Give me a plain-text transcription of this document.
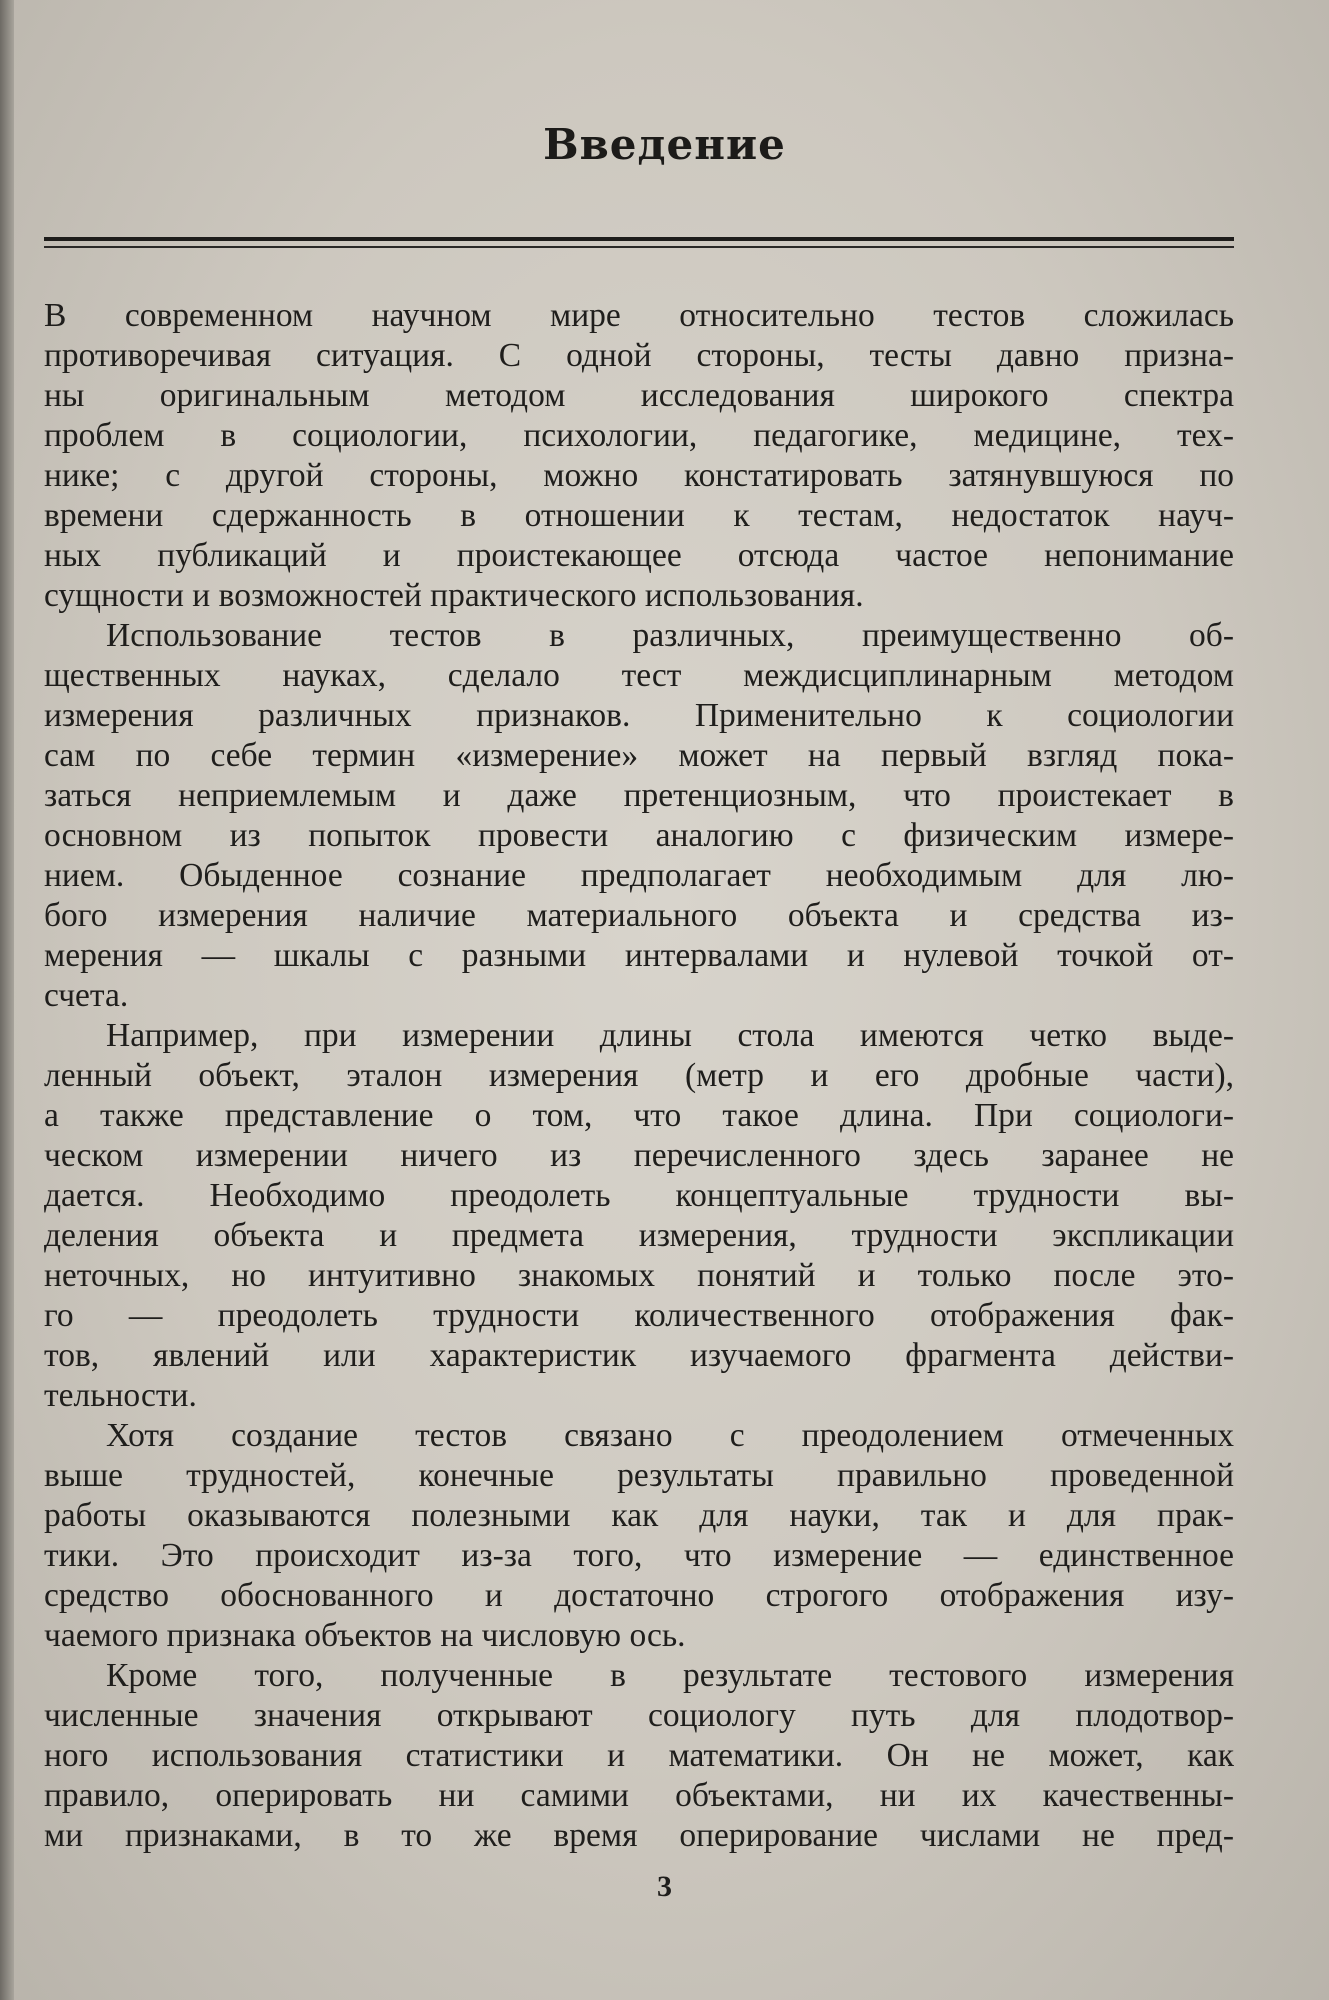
Введение
В современном научном мире относительно тестов сложилась
противоречивая ситуация. С одной стороны, тесты давно призна-
ны оригинальным методом исследования широкого спектра
проблем в социологии, психологии, педагогике, медицине, тех-
нике; с другой стороны, можно констатировать затянувшуюся по
времени сдержанность в отношении к тестам, недостаток науч-
ных публикаций и проистекающее отсюда частое непонимание
сущности и возможностей практического использования.
Использование тестов в различных, преимущественно об-
щественных науках, сделало тест междисциплинарным методом
измерения различных признаков. Применительно к социологии
сам по себе термин «измерение» может на первый взгляд пока-
заться неприемлемым и даже претенциозным, что проистекает в
основном из попыток провести аналогию с физическим измере-
нием. Обыденное сознание предполагает необходимым для лю-
бого измерения наличие материального объекта и средства из-
мерения — шкалы с разными интервалами и нулевой точкой от-
счета.
Например, при измерении длины стола имеются четко выде-
ленный объект, эталон измерения (метр и его дробные части),
а также представление о том, что такое длина. При социологи-
ческом измерении ничего из перечисленного здесь заранее не
дается. Необходимо преодолеть концептуальные трудности вы-
деления объекта и предмета измерения, трудности экспликации
неточных, но интуитивно знакомых понятий и только после это-
го — преодолеть трудности количественного отображения фак-
тов, явлений или характеристик изучаемого фрагмента действи-
тельности.
Хотя создание тестов связано с преодолением отмеченных
выше трудностей, конечные результаты правильно проведенной
работы оказываются полезными как для науки, так и для прак-
тики. Это происходит из-за того, что измерение — единственное
средство обоснованного и достаточно строгого отображения изу-
чаемого признака объектов на числовую ось.
Кроме того, полученные в результате тестового измерения
численные значения открывают социологу путь для плодотвор-
ного использования статистики и математики. Он не может, как
правило, оперировать ни самими объектами, ни их качественны-
ми признаками, в то же время оперирование числами не пред-
3
